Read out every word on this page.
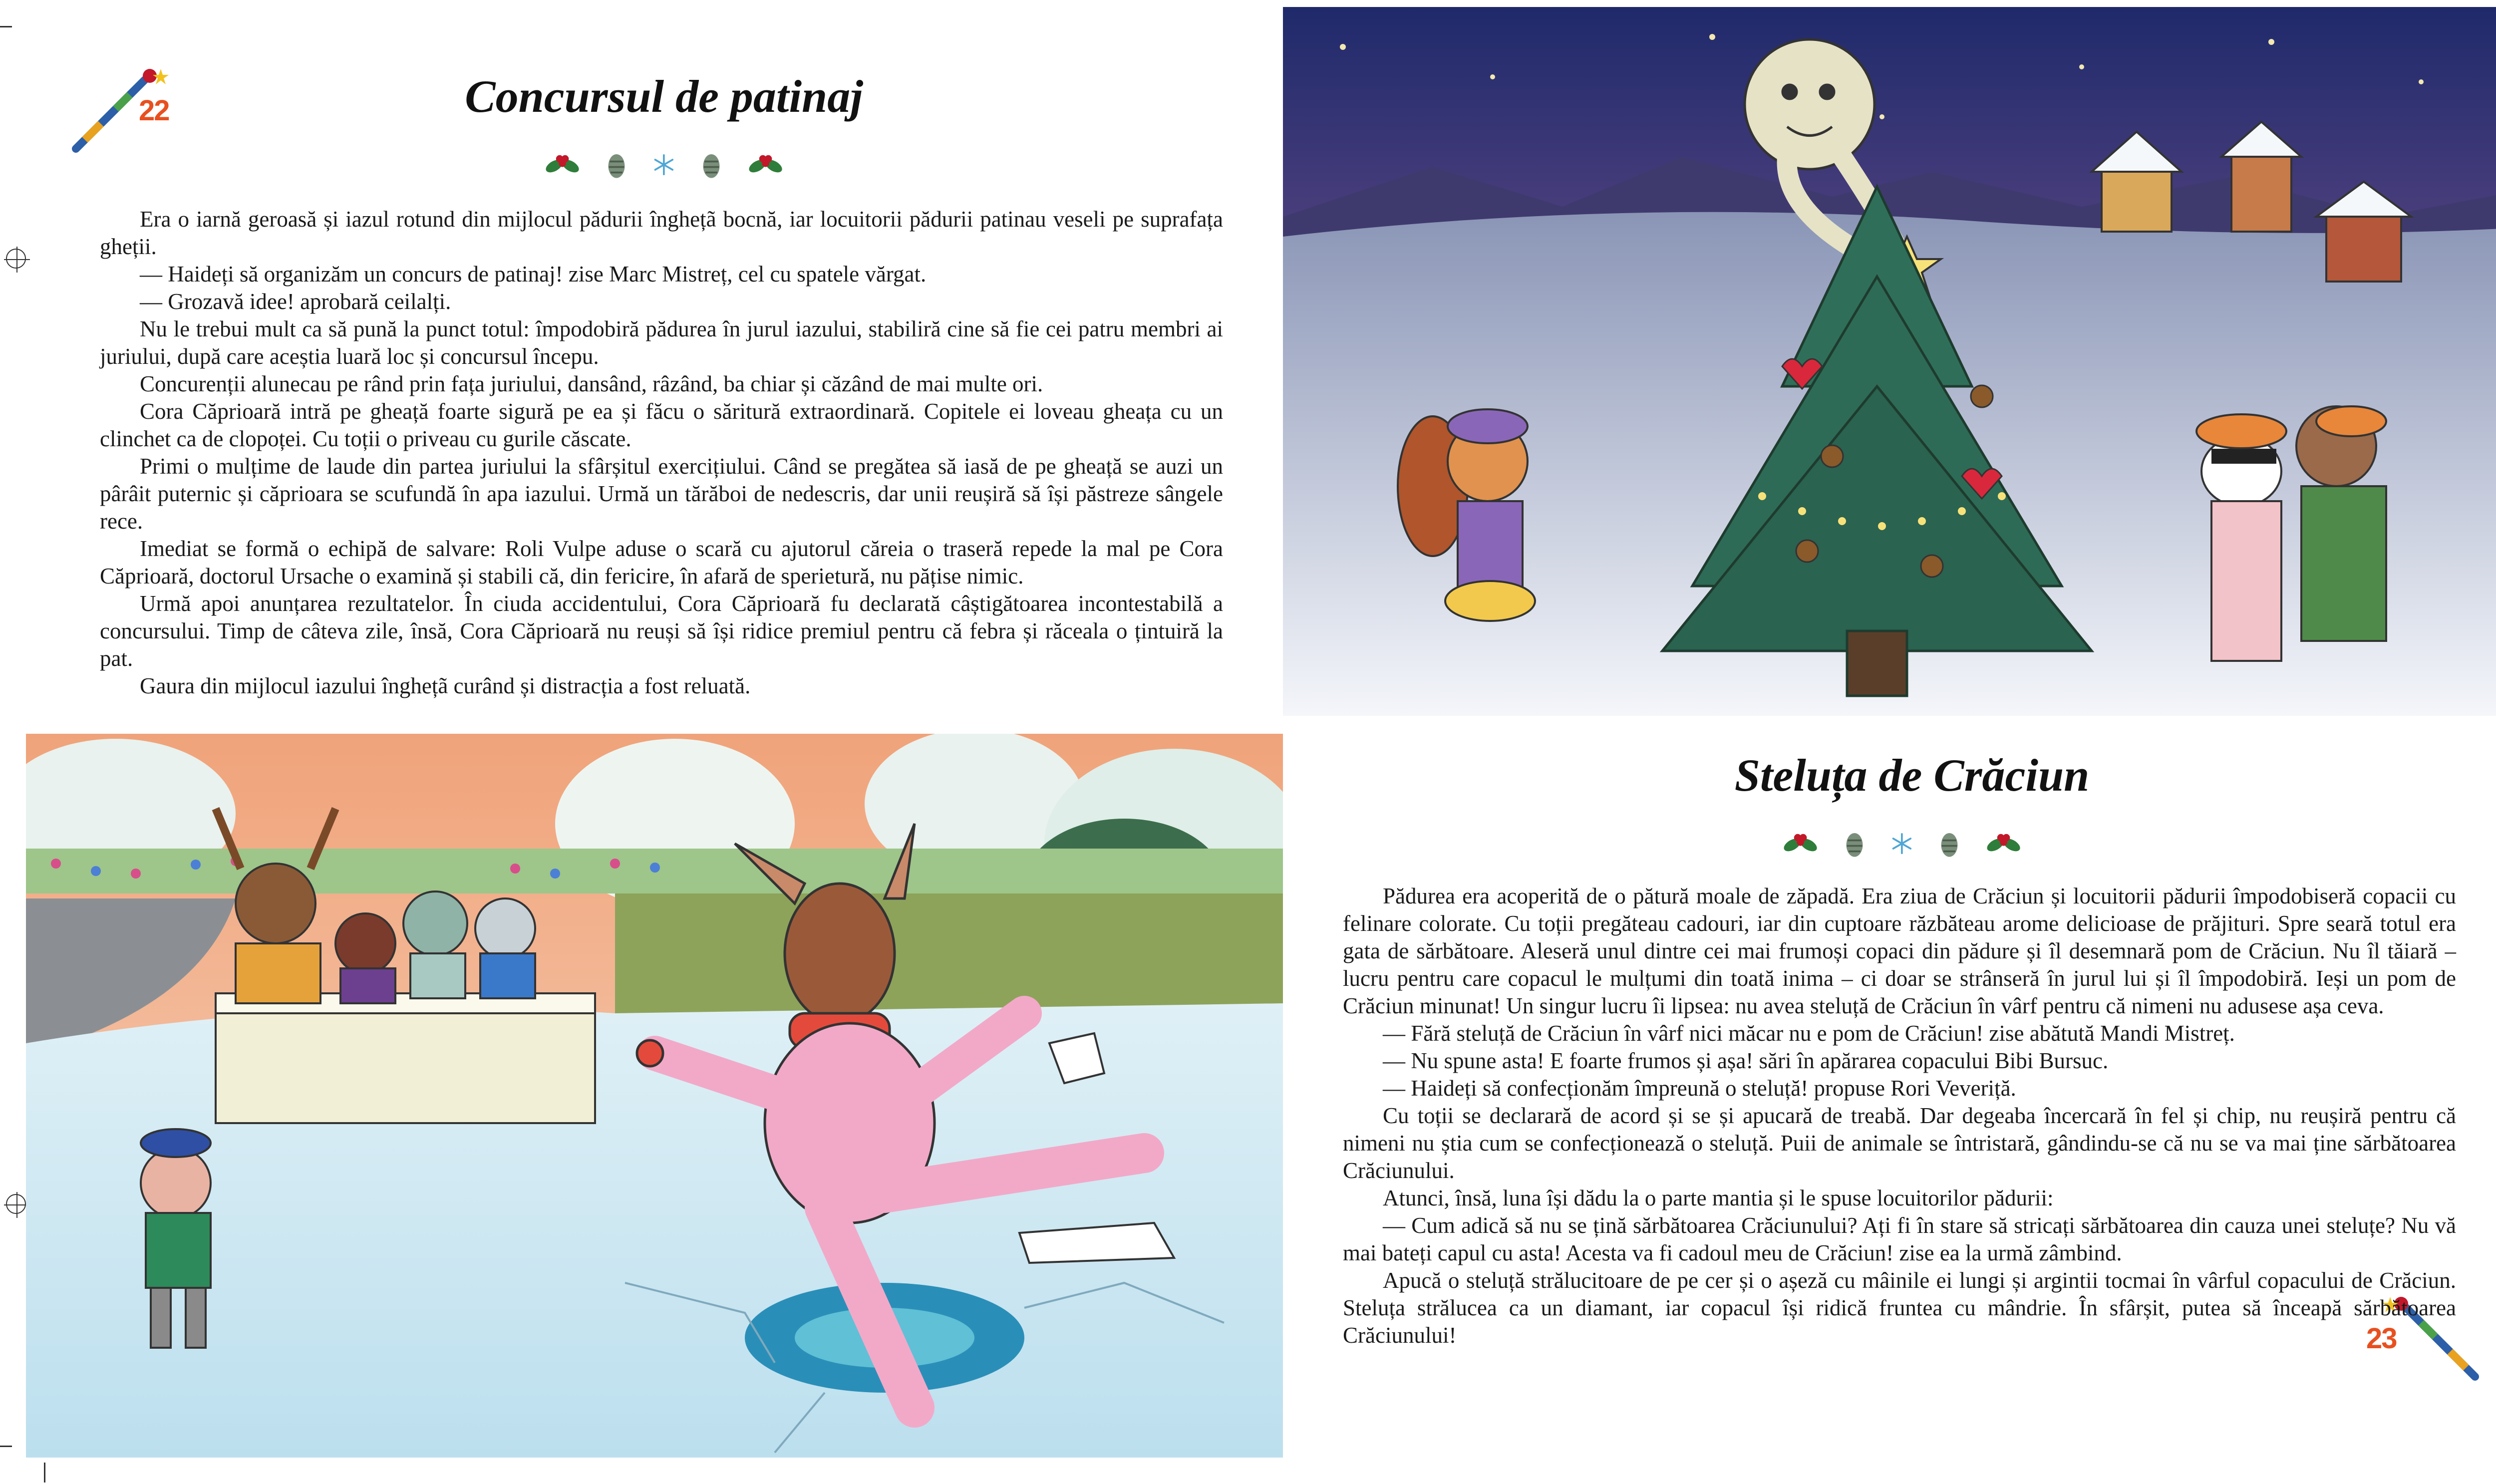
22	Concursul de patinaj

Era o iarnă geroasă și iazul rotund din mijlocul pădurii înghețã bocnă, iar locuitorii pădurii patinau veseli pe suprafața gheții.

— Haideți să organizăm un concurs de patinaj! zise Marc Mistreț, cel cu spatele vărgat.

— Grozavă idee! aprobară ceilalți.

Nu le trebui mult ca să pună la punct totul: împodobiră pădurea în jurul iazului, stabiliră cine să fie cei patru membri ai juriului, după care aceștia luară loc și concursul începu.

Concurenții alunecau pe rând prin fața juriului, dansând, râzând, ba chiar și căzând de mai multe ori.

Cora Căprioară intră pe gheață foarte sigură pe ea și făcu o săritură extraordinară. Copitele ei loveau gheața cu un clinchet ca de clopoței. Cu toții o priveau cu gurile căscate.

Primi o mulțime de laude din partea juriului la sfârșitul exercițiului. Când se pregătea să iasă de pe gheață se auzi un pârâit puternic și căprioara se scufundă în apa iazului. Urmă un tărăboi de nedescris, dar unii reușiră să își păstreze sângele rece.

Imediat se formă o echipă de salvare: Roli Vulpe aduse o scară cu ajutorul căreia o traseră repede la mal pe Cora Căprioară, doctorul Ursache o examină și stabili că, din fericire, în afară de sperietură, nu pățise nimic.

Urmă apoi anunțarea rezultatelor. În ciuda accidentului, Cora Căprioară fu declarată câștigătoarea incontestabilă a concursului. Timp de câteva zile, însă, Cora Căprioară nu reuși să își ridice premiul pentru că febra și răceala o țintuiră la pat.

Gaura din mijlocul iazului înghețã curând și distracția a fost reluată.

23
Steluța de Crăciun

Pădurea era acoperită de o pătură moale de zăpadă. Era ziua de Crăciun și locuitorii pădurii împodobiseră copacii cu felinare colorate. Cu toții pregăteau cadouri, iar din cuptoare răzbăteau arome delicioase de prăjituri. Spre seară totul era gata de sărbătoare. Aleseră unul dintre cei mai frumoși copaci din pădure și îl desemnară pom de Crăciun. Nu îl tăiară – lucru pentru care copacul le mulțumi din toată inima – ci doar se strânseră în jurul lui și îl împodobiră. Ieși un pom de Crăciun minunat! Un singur lucru îi lipsea: nu avea steluță de Crăciun în vârf pentru că nimeni nu adusese așa ceva.

— Fără steluță de Crăciun în vârf nici măcar nu e pom de Crăciun! zise abătută Mandi Mistreț.

— Nu spune asta! E foarte frumos și așa! sări în apărarea copacului Bibi Bursuc.

— Haideți să confecționăm împreună o steluță! propuse Rori Veveriță.

Cu toții se declarară de acord și se și apucară de treabă. Dar degeaba încercară în fel și chip, nu reușiră pentru că nimeni nu știa cum se confecționează o steluță. Puii de animale se întristară, gândindu-se că nu se va mai ține sărbătoarea Crăciunului.

Atunci, însă, luna își dădu la o parte mantia și le spuse locuitorilor pădurii:

— Cum adică să nu se țină sărbătoarea Crăciunului? Ați fi în stare să stricați sărbătoarea din cauza unei steluțe? Nu vă mai bateți capul cu asta! Acesta va fi cadoul meu de Crăciun! zise ea la urmă zâmbind.

Apucă o steluță strălucitoare de pe cer și o așeză cu mâinile ei lungi și argintii tocmai în vârful copacului de Crăciun. Steluța strălucea ca un diamant, iar copacul își ridică fruntea cu mândrie. În sfârșit, putea să înceapă sărbătoarea Crăciunului!
